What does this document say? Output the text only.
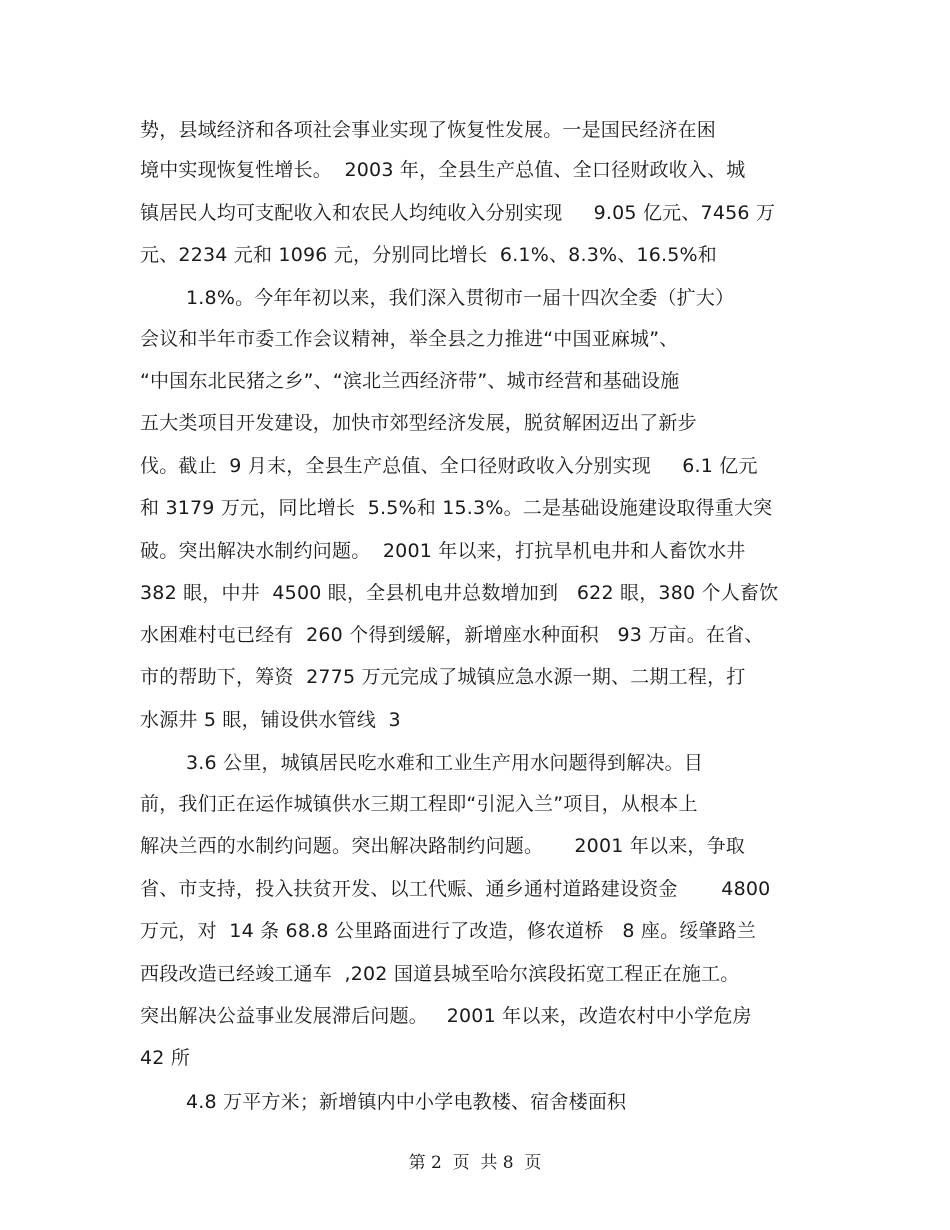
势，县域经济和各项社会事业实现了恢复性发展。一是国民经济在困
境中实现恢复性增长。  2003 年，全县生产总值、全口径财政收入、城
镇居民人均可支配收入和农民人均纯收入分别实现     9.05 亿元、7456 万
元、2234 元和 1096 元，分别同比增长  6.1%、8.3%、16.5%和
1.8%。今年年初以来，我们深入贯彻市一届十四次全委（扩大）
会议和半年市委工作会议精神，举全县之力推进“中国亚麻城”、
“中国东北民猪之乡”、“滨北兰西经济带”、城市经营和基础设施
五大类项目开发建设，加快市郊型经济发展，脱贫解困迈出了新步
伐。截止  9 月末，全县生产总值、全口径财政收入分别实现     6.1 亿元
和 3179 万元，同比增长  5.5%和 15.3%。二是基础设施建设取得重大突
破。突出解决水制约问题。  2001 年以来，打抗旱机电井和人畜饮水井
382 眼，中井  4500 眼，全县机电井总数增加到   622 眼，380 个人畜饮
水困难村屯已经有  260 个得到缓解，新增座水种面积   93 万亩。在省、
市的帮助下，筹资  2775 万元完成了城镇应急水源一期、二期工程，打
水源井 5 眼，铺设供水管线  3
3.6 公里，城镇居民吃水难和工业生产用水问题得到解决。目
前，我们正在运作城镇供水三期工程即“引泥入兰”项目，从根本上
解决兰西的水制约问题。突出解决路制约问题。     2001 年以来，争取
省、市支持，投入扶贫开发、以工代赈、通乡通村道路建设资金       4800
万元，对  14 条 68.8 公里路面进行了改造，修农道桥   8 座。绥肇路兰
西段改造已经竣工通车  ,202 国道县城至哈尔滨段拓宽工程正在施工。
突出解决公益事业发展滞后问题。   2001 年以来，改造农村中小学危房
42 所
4.8 万平方米；新增镇内中小学电教楼、宿舍楼面积
第 2  页  共 8  页
